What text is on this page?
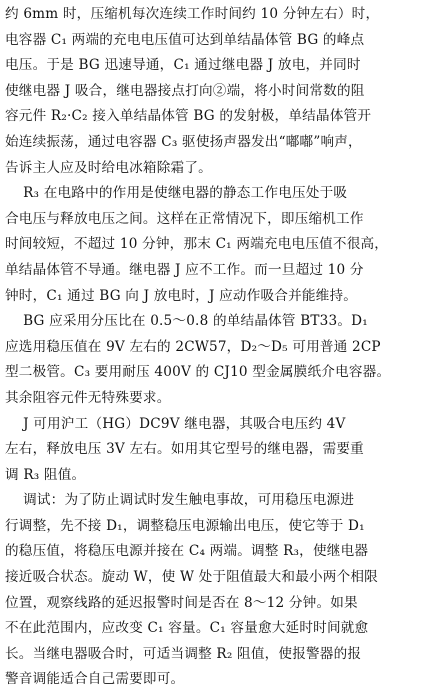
约 6mm 时，压缩机每次连续工作时间约 10 分钟左右）时，
电容器 C₁ 两端的充电电压值可达到单结晶体管 BG 的峰点
电压。于是 BG 迅速导通，C₁ 通过继电器 J 放电，并同时
使继电器 J 吸合，继电器接点打向②端，将小时间常数的阻
容元件 R₂·C₂ 接入单结晶体管 BG 的发射极，单结晶体管开
始连续振荡，通过电容器 C₃ 驱使扬声器发出“嘟嘟”响声，
告诉主人应及时给电冰箱除霜了。

R₃ 在电路中的作用是使继电器的静态工作电压处于吸
合电压与释放电压之间。这样在正常情况下，即压缩机工作
时间较短，不超过 10 分钟，那末 C₁ 两端充电电压值不很高，
单结晶体管不导通。继电器 J 应不工作。而一旦超过 10 分
钟时，C₁ 通过 BG 向 J 放电时，J 应动作吸合并能维持。

BG 应采用分压比在 0.5～0.8 的单结晶体管 BT33。D₁
应选用稳压值在 9V 左右的 2CW57，D₂～D₅ 可用普通 2CP
型二极管。C₃ 要用耐压 400V 的 CJ10 型金属膜纸介电容器。
其余阻容元件无特殊要求。

J 可用沪工（HG）DC9V 继电器，其吸合电压约 4V
左右，释放电压 3V 左右。如用其它型号的继电器，需要重
调 R₃ 阻值。

调试：为了防止调试时发生触电事故，可用稳压电源进
行调整，先不接 D₁，调整稳压电源输出电压，使它等于 D₁
的稳压值，将稳压电源并接在 C₄ 两端。调整 R₃，使继电器
接近吸合状态。旋动 W，使 W 处于阻值最大和最小两个相限
位置，观察线路的延迟报警时间是否在 8～12 分钟。如果
不在此范围内，应改变 C₁ 容量。C₁ 容量愈大延时时间就愈
长。当继电器吸合时，可适当调整 R₂ 阻值，使报警器的报
警音调能适合自己需要即可。
